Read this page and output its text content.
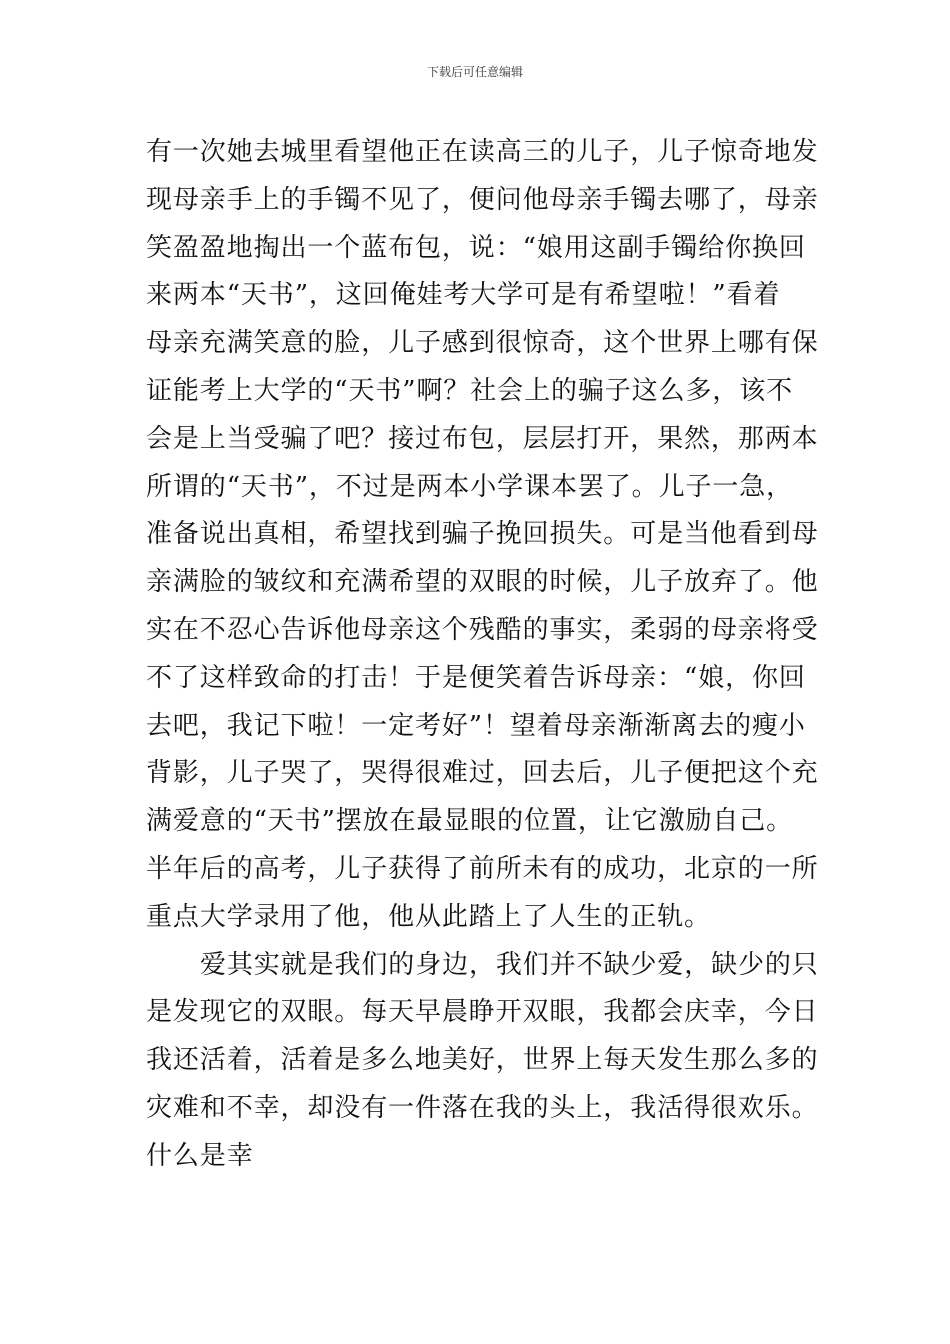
下载后可任意编辑
有一次她去城里看望他正在读高三的儿子，儿子惊奇地发
现母亲手上的手镯不见了，便问他母亲手镯去哪了，母亲
笑盈盈地掏出一个蓝布包，说：“娘用这副手镯给你换回
来两本“天书”，这回俺娃考大学可是有希望啦！”看着
母亲充满笑意的脸，儿子感到很惊奇，这个世界上哪有保
证能考上大学的“天书”啊？社会上的骗子这么多，该不
会是上当受骗了吧？接过布包，层层打开，果然，那两本
所谓的“天书”，不过是两本小学课本罢了。儿子一急，
准备说出真相，希望找到骗子挽回损失。可是当他看到母
亲满脸的皱纹和充满希望的双眼的时候，儿子放弃了。他
实在不忍心告诉他母亲这个残酷的事实，柔弱的母亲将受
不了这样致命的打击！于是便笑着告诉母亲：“娘，你回
去吧，我记下啦！一定考好”！望着母亲渐渐离去的瘦小
背影，儿子哭了，哭得很难过，回去后，儿子便把这个充
满爱意的“天书”摆放在最显眼的位置，让它激励自己。
半年后的高考，儿子获得了前所未有的成功，北京的一所
重点大学录用了他，他从此踏上了人生的正轨。
爱其实就是我们的身边，我们并不缺少爱，缺少的只
是发现它的双眼。每天早晨睁开双眼，我都会庆幸，今日
我还活着，活着是多么地美好，世界上每天发生那么多的
灾难和不幸，却没有一件落在我的头上，我活得很欢乐。
什么是幸
